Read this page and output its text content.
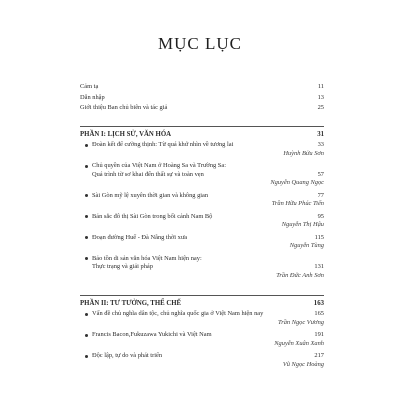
MỤC LỤC
Cảm tạ	11
Dẫn nhập	13
Giới thiệu Ban chủ biên và tác giả	25
PHẦN I: LỊCH SỬ, VĂN HÓA	31
Đoàn kết để cường thịnh: Từ quá khứ nhìn về tương lai	33
Huỳnh Bửu Sơn
Chủ quyền của Việt Nam ở Hoàng Sa và Trường Sa:
Quá trình từ sơ khai đến thất sự và toàn vẹn	57
Nguyễn Quang Ngọc
Sài Gòn mỹ lệ xuyên thời gian và không gian	77
Trần Hữu Phúc Tiến
Bản sắc đô thị Sài Gòn trong bối cảnh Nam Bộ	95
Nguyễn Thị Hậu
Đoạn đường Huế - Đà Nẵng thời xưa	115
Nguyễn Tùng
Bảo tồn di sản văn hóa Việt Nam hiện nay:
Thực trạng và giải pháp	131
Trần Đức Anh Sơn
PHẦN II: TƯ TƯỞNG, THỂ CHẾ	163
Vấn đề chủ nghĩa dân tộc, chủ nghĩa quốc gia ở Việt Nam hiện nay	165
Trần Ngọc Vương
Francis Bacon,Fukuzawa Yukichi và Việt Nam	191
Nguyễn Xuân Xanh
Độc lập, tự do và phát triển	217
Vũ Ngọc Hoàng
